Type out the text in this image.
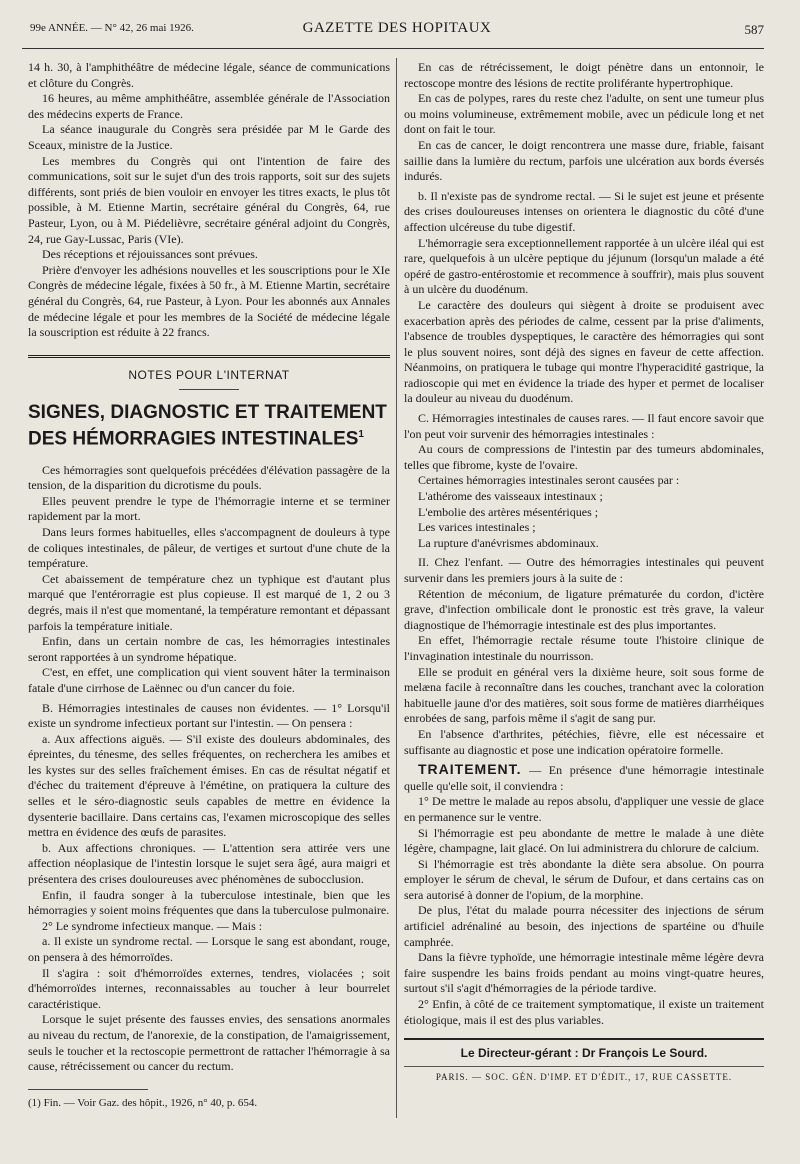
99e ANNÉE. — N° 42, 26 mai 1926.	GAZETTE DES HOPITAUX	587

14 h. 30, à l'amphithéâtre de médecine légale, séance de communications et clôture du Congrès.

16 heures, au même amphithéâtre, assemblée générale de l'Association des médecins experts de France.

La séance inaugurale du Congrès sera présidée par M le Garde des Sceaux, ministre de la Justice.

Les membres du Congrès qui ont l'intention de faire des communications, soit sur le sujet d'un des trois rapports, soit sur des sujets différents, sont priés de bien vouloir en envoyer les titres exacts, le plus tôt possible, à M. Etienne Martin, secrétaire général du Congrès, 64, rue Pasteur, Lyon, ou à M. Piédelièvre, secrétaire général adjoint du Congrès, 24, rue Gay-Lussac, Paris (VIe).

Des réceptions et réjouissances sont prévues.

Prière d'envoyer les adhésions nouvelles et les souscriptions pour le XIe Congrès de médecine légale, fixées à 50 fr., à M. Etienne Martin, secrétaire général du Congrès, 64, rue Pasteur, à Lyon. Pour les abonnés aux Annales de médecine légale et pour les membres de la Société de médecine légale la souscription est réduite à 22 francs.

NOTES POUR L'INTERNAT
SIGNES, DIAGNOSTIC ET TRAITEMENT DES HÉMORRAGIES INTESTINALES$^1$

Ces hémorragies sont quelquefois précédées d'élévation passagère de la tension, de la disparition du dicrotisme du pouls.

Elles peuvent prendre le type de l'hémorragie interne et se terminer rapidement par la mort.

Dans leurs formes habituelles, elles s'accompagnent de douleurs à type de coliques intestinales, de pâleur, de vertiges et surtout d'une chute de la température.

Cet abaissement de température chez un typhique est d'autant plus marqué que l'entérorragie est plus copieuse. Il est marqué de 1, 2 ou 3 degrés, mais il n'est que momentané, la température remontant et dépassant parfois la température initiale.

Enfin, dans un certain nombre de cas, les hémorragies intestinales seront rapportées à un syndrome hépatique.

C'est, en effet, une complication qui vient souvent hâter la terminaison fatale d'une cirrhose de Laënnec ou d'un cancer du foie.

B. Hémorragies intestinales de causes non évidentes. — 1° Lorsqu'il existe un syndrome infectieux portant sur l'intestin. — On pensera :

a. Aux affections aiguës. — S'il existe des douleurs abdominales, des épreintes, du ténesme, des selles fréquentes, on recherchera les amibes et les kystes sur des selles fraîchement émises. En cas de résultat négatif et d'échec du traitement d'épreuve à l'émétine, on pratiquera la culture des selles et le séro-diagnostic seuls capables de mettre en évidence la dysenterie bacillaire. Dans certains cas, l'examen microscopique des selles mettra en évidence des œufs de parasites.

b. Aux affections chroniques. — L'attention sera attirée vers une affection néoplasique de l'intestin lorsque le sujet sera âgé, aura maigri et présentera des crises douloureuses avec phénomènes de subocclusion.

Enfin, il faudra songer à la tuberculose intestinale, bien que les hémorragies y soient moins fréquentes que dans la tuberculose pulmonaire.

2° Le syndrome infectieux manque. — Mais :

a. Il existe un syndrome rectal. — Lorsque le sang est abondant, rouge, on pensera à des hémorroïdes.

Il s'agira : soit d'hémorroïdes externes, tendres, violacées ; soit d'hémorroïdes internes, reconnaissables au toucher à leur bourrelet caractéristique.

Lorsque le sujet présente des fausses envies, des sensations anormales au niveau du rectum, de l'anorexie, de la constipation, de l'amaigrissement, seuls le toucher et la rectoscopie permettront de rattacher l'hémorragie à sa cause, rétrécissement ou cancer du rectum.

(1) Fin. — Voir Gaz. des hôpit., 1926, n° 40, p. 654.

En cas de rétrécissement, le doigt pénètre dans un entonnoir, le rectoscope montre des lésions de rectite proliférante hypertrophique.

En cas de polypes, rares du reste chez l'adulte, on sent une tumeur plus ou moins volumineuse, extrêmement mobile, avec un pédicule long et net dont on fait le tour.

En cas de cancer, le doigt rencontrera une masse dure, friable, faisant saillie dans la lumière du rectum, parfois une ulcération aux bords éversés indurés.

b. Il n'existe pas de syndrome rectal. — Si le sujet est jeune et présente des crises douloureuses intenses on orientera le diagnostic du côté d'une affection ulcéreuse du tube digestif.

L'hémorragie sera exceptionnellement rapportée à un ulcère iléal qui est rare, quelquefois à un ulcère peptique du jéjunum (lorsqu'un malade a été opéré de gastro-entérostomie et recommence à souffrir), mais plus souvent à un ulcère du duodénum.

Le caractère des douleurs qui siègent à droite se produisent avec exacerbation après des périodes de calme, cessent par la prise d'aliments, l'absence de troubles dyspeptiques, le caractère des hémorragies qui sont le plus souvent noires, sont déjà des signes en faveur de cette affection. Néanmoins, on pratiquera le tubage qui montre l'hyperacidité gastrique, la radioscopie qui met en évidence la triade des hyper et permet de localiser la douleur au niveau du duodénum.

C. Hémorragies intestinales de causes rares. — Il faut encore savoir que l'on peut voir survenir des hémorragies intestinales :

Au cours de compressions de l'intestin par des tumeurs abdominales, telles que fibrome, kyste de l'ovaire.

Certaines hémorragies intestinales seront causées par :

L'athérome des vaisseaux intestinaux ;

L'embolie des artères mésentériques ;

Les varices intestinales ;

La rupture d'anévrismes abdominaux.

II. Chez l'enfant. — Outre des hémorragies intestinales qui peuvent survenir dans les premiers jours à la suite de :

Rétention de méconium, de ligature prématurée du cordon, d'ictère grave, d'infection ombilicale dont le pronostic est très grave, la valeur diagnostique de l'hémorragie intestinale est des plus importantes.

En effet, l'hémorragie rectale résume toute l'histoire clinique de l'invagination intestinale du nourrisson.

Elle se produit en général vers la dixième heure, soit sous forme de melæna facile à reconnaître dans les couches, tranchant avec la coloration habituelle jaune d'or des matières, soit sous forme de matières diarrhéiques enrobées de sang, parfois même il s'agit de sang pur.

En l'absence d'arthrites, pétéchies, fièvre, elle est nécessaire et suffisante au diagnostic et pose une indication opératoire formelle.

TRAITEMENT. — En présence d'une hémorragie intestinale quelle qu'elle soit, il conviendra :

1° De mettre le malade au repos absolu, d'appliquer une vessie de glace en permanence sur le ventre.

Si l'hémorragie est peu abondante de mettre le malade à une diète légère, champagne, lait glacé. On lui administrera du chlorure de calcium.

Si l'hémorragie est très abondante la diète sera absolue. On pourra employer le sérum de cheval, le sérum de Dufour, et dans certains cas on sera autorisé à donner de l'opium, de la morphine.

De plus, l'état du malade pourra nécessiter des injections de sérum artificiel adrénaliné au besoin, des injections de spartéine ou d'huile camphrée.

Dans la fièvre typhoïde, une hémorragie intestinale même légère devra faire suspendre les bains froids pendant au moins vingt-quatre heures, surtout s'il s'agit d'hémorragies de la période tardive.

2° Enfin, à côté de ce traitement symptomatique, il existe un traitement étiologique, mais il est des plus variables.

Le Directeur-gérant : Dr François Le Sourd.
PARIS. — SOC. GÉN. D'IMP. ET D'ÉDIT., 17, RUE CASSETTE.
